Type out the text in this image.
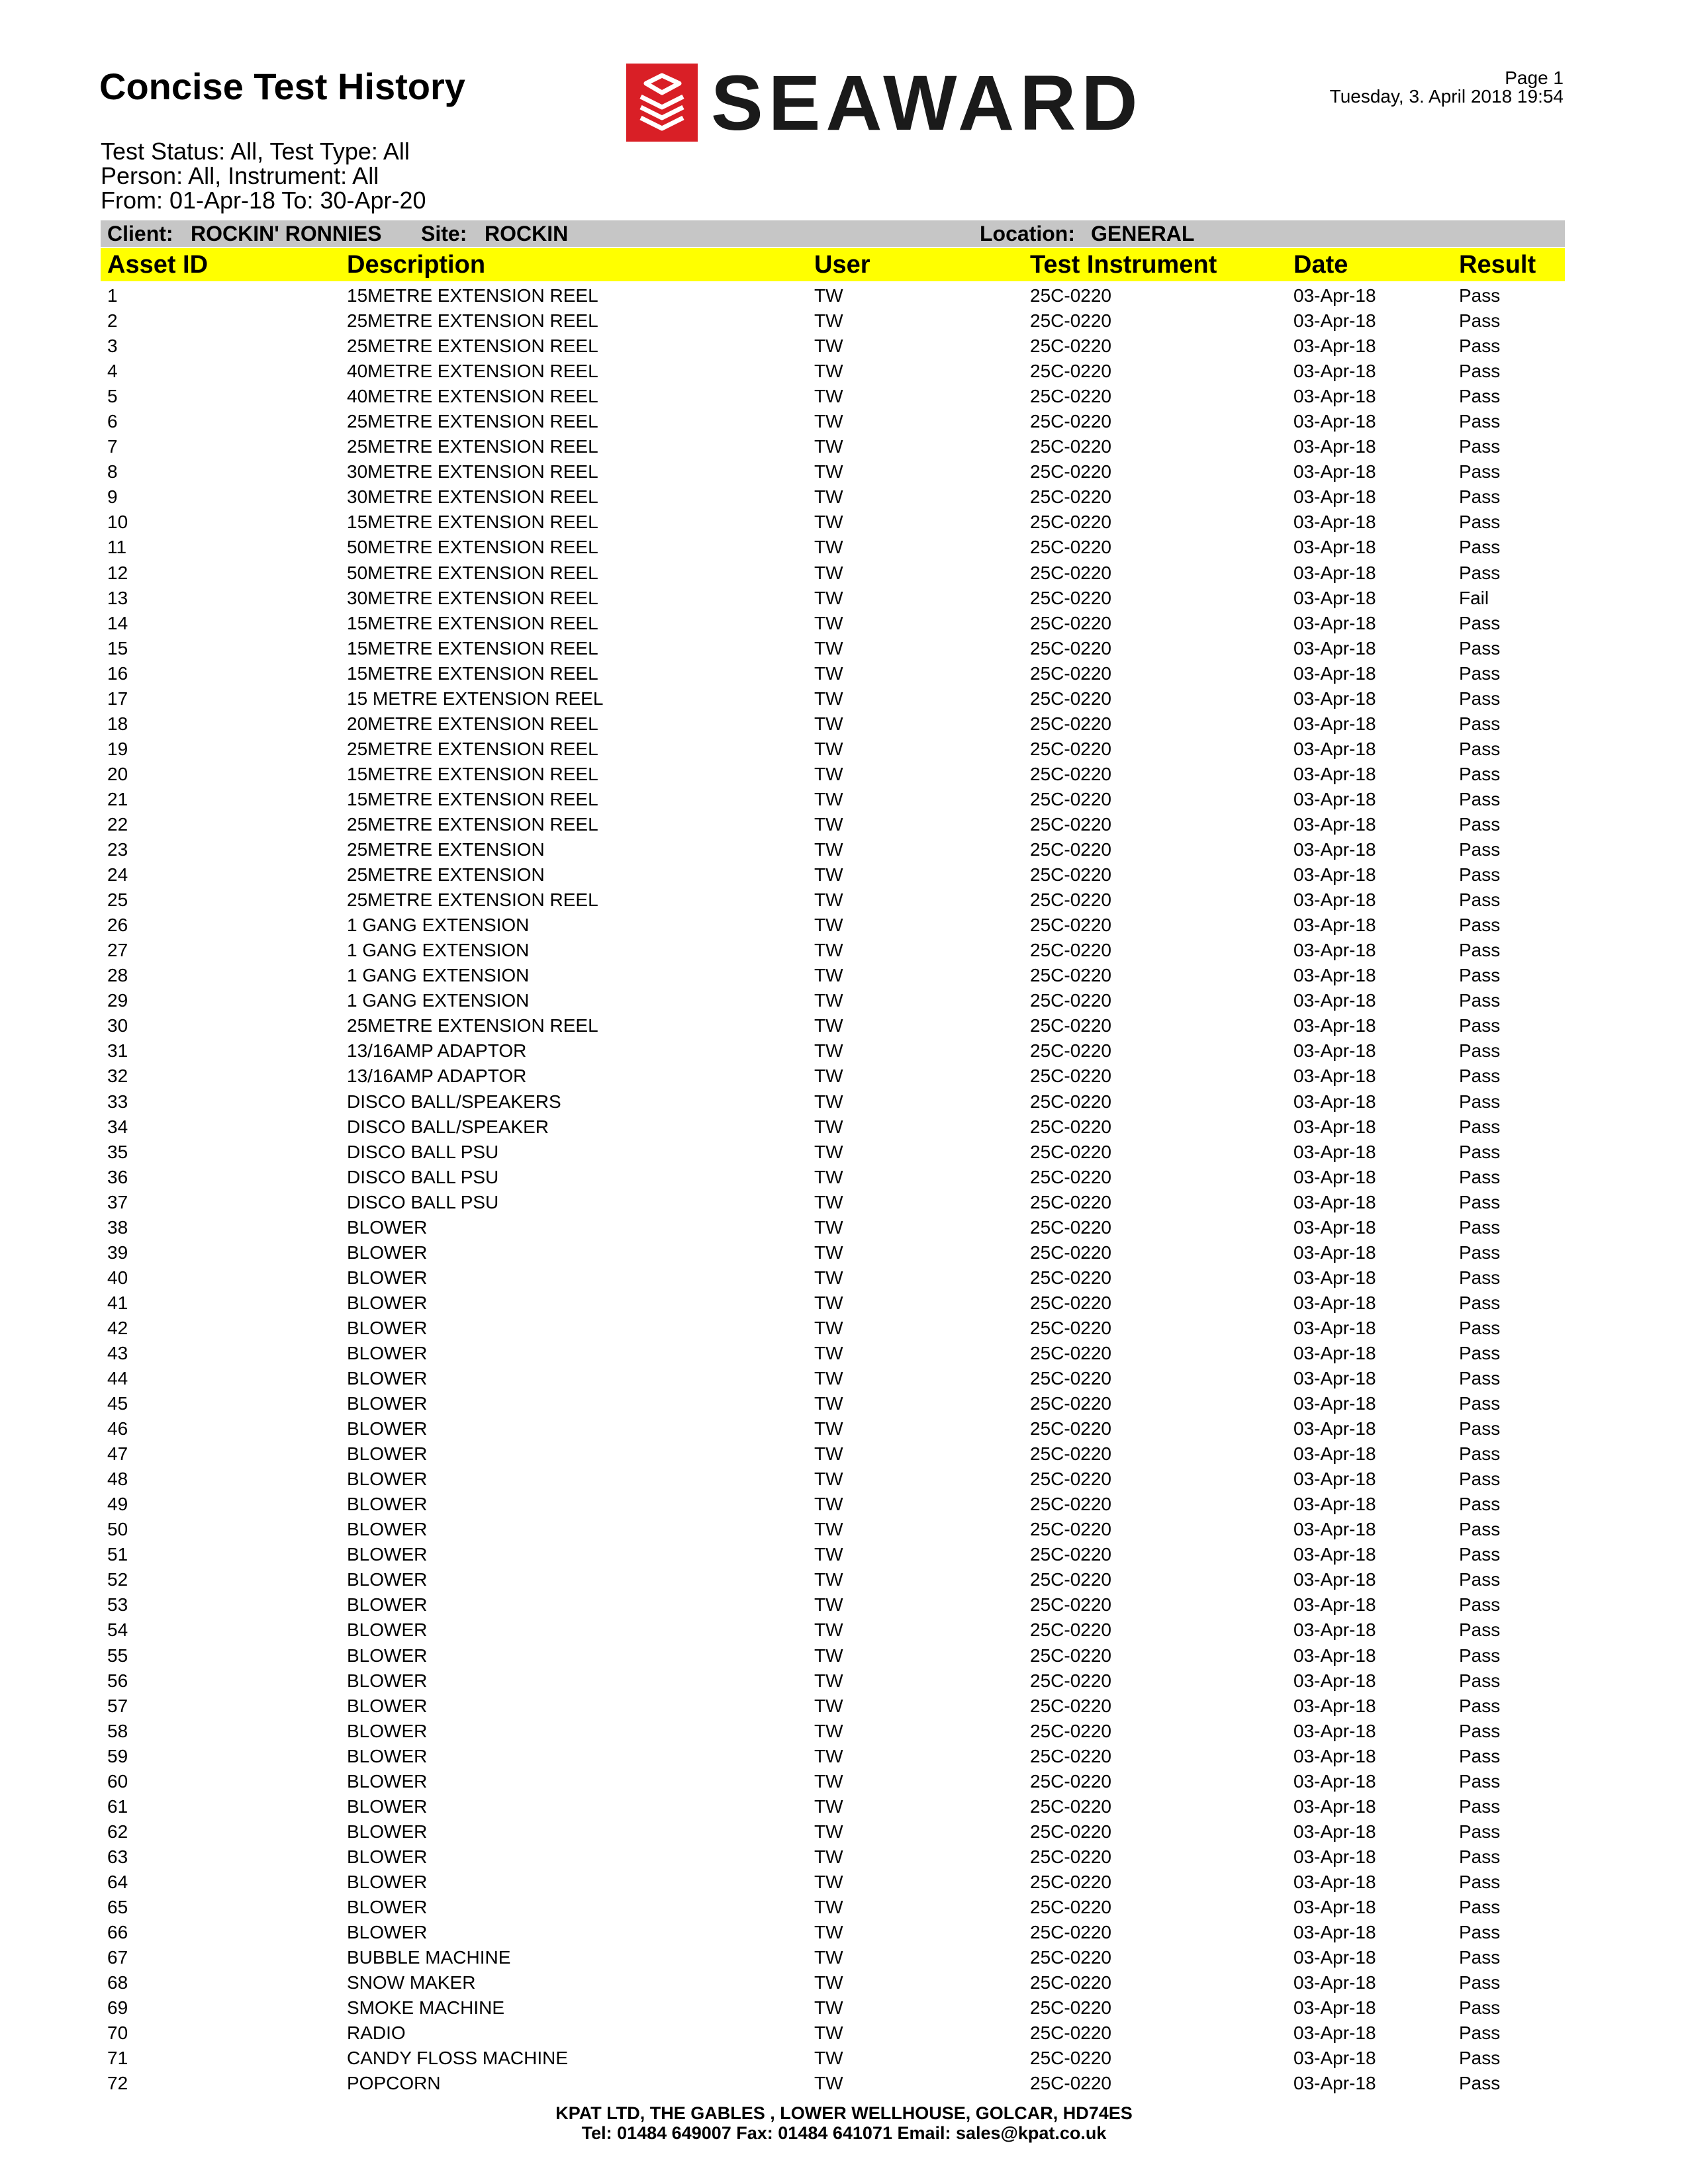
Concise Test History	SEAWARD	Page 1
Tuesday, 3. April 2018 19:54
Test Status: All, Test Type: All
Person: All, Instrument: All
From: 01-Apr-18 To: 30-Apr-20
Client: ROCKIN' RONNIES Site: ROCKIN	Location: GENERAL
Asset ID	Description	User	Test Instrument	Date	Result
1	15METRE EXTENSION REEL	TW	25C-0220	03-Apr-18	Pass
2	25METRE EXTENSION REEL	TW	25C-0220	03-Apr-18	Pass
3	25METRE EXTENSION REEL	TW	25C-0220	03-Apr-18	Pass
4	40METRE EXTENSION REEL	TW	25C-0220	03-Apr-18	Pass
5	40METRE EXTENSION REEL	TW	25C-0220	03-Apr-18	Pass
6	25METRE EXTENSION REEL	TW	25C-0220	03-Apr-18	Pass
7	25METRE EXTENSION REEL	TW	25C-0220	03-Apr-18	Pass
8	30METRE EXTENSION REEL	TW	25C-0220	03-Apr-18	Pass
9	30METRE EXTENSION REEL	TW	25C-0220	03-Apr-18	Pass
10	15METRE EXTENSION REEL	TW	25C-0220	03-Apr-18	Pass
11	50METRE EXTENSION REEL	TW	25C-0220	03-Apr-18	Pass
12	50METRE EXTENSION REEL	TW	25C-0220	03-Apr-18	Pass
13	30METRE EXTENSION REEL	TW	25C-0220	03-Apr-18	Fail
14	15METRE EXTENSION REEL	TW	25C-0220	03-Apr-18	Pass
15	15METRE EXTENSION REEL	TW	25C-0220	03-Apr-18	Pass
16	15METRE EXTENSION REEL	TW	25C-0220	03-Apr-18	Pass
17	15 METRE EXTENSION REEL	TW	25C-0220	03-Apr-18	Pass
18	20METRE EXTENSION REEL	TW	25C-0220	03-Apr-18	Pass
19	25METRE EXTENSION REEL	TW	25C-0220	03-Apr-18	Pass
20	15METRE EXTENSION REEL	TW	25C-0220	03-Apr-18	Pass
21	15METRE EXTENSION REEL	TW	25C-0220	03-Apr-18	Pass
22	25METRE EXTENSION REEL	TW	25C-0220	03-Apr-18	Pass
23	25METRE EXTENSION	TW	25C-0220	03-Apr-18	Pass
24	25METRE EXTENSION	TW	25C-0220	03-Apr-18	Pass
25	25METRE EXTENSION REEL	TW	25C-0220	03-Apr-18	Pass
26	1 GANG EXTENSION	TW	25C-0220	03-Apr-18	Pass
27	1 GANG EXTENSION	TW	25C-0220	03-Apr-18	Pass
28	1 GANG EXTENSION	TW	25C-0220	03-Apr-18	Pass
29	1 GANG EXTENSION	TW	25C-0220	03-Apr-18	Pass
30	25METRE EXTENSION REEL	TW	25C-0220	03-Apr-18	Pass
31	13/16AMP ADAPTOR	TW	25C-0220	03-Apr-18	Pass
32	13/16AMP ADAPTOR	TW	25C-0220	03-Apr-18	Pass
33	DISCO BALL/SPEAKERS	TW	25C-0220	03-Apr-18	Pass
34	DISCO BALL/SPEAKER	TW	25C-0220	03-Apr-18	Pass
35	DISCO BALL PSU	TW	25C-0220	03-Apr-18	Pass
36	DISCO BALL PSU	TW	25C-0220	03-Apr-18	Pass
37	DISCO BALL PSU	TW	25C-0220	03-Apr-18	Pass
38	BLOWER	TW	25C-0220	03-Apr-18	Pass
39	BLOWER	TW	25C-0220	03-Apr-18	Pass
40	BLOWER	TW	25C-0220	03-Apr-18	Pass
41	BLOWER	TW	25C-0220	03-Apr-18	Pass
42	BLOWER	TW	25C-0220	03-Apr-18	Pass
43	BLOWER	TW	25C-0220	03-Apr-18	Pass
44	BLOWER	TW	25C-0220	03-Apr-18	Pass
45	BLOWER	TW	25C-0220	03-Apr-18	Pass
46	BLOWER	TW	25C-0220	03-Apr-18	Pass
47	BLOWER	TW	25C-0220	03-Apr-18	Pass
48	BLOWER	TW	25C-0220	03-Apr-18	Pass
49	BLOWER	TW	25C-0220	03-Apr-18	Pass
50	BLOWER	TW	25C-0220	03-Apr-18	Pass
51	BLOWER	TW	25C-0220	03-Apr-18	Pass
52	BLOWER	TW	25C-0220	03-Apr-18	Pass
53	BLOWER	TW	25C-0220	03-Apr-18	Pass
54	BLOWER	TW	25C-0220	03-Apr-18	Pass
55	BLOWER	TW	25C-0220	03-Apr-18	Pass
56	BLOWER	TW	25C-0220	03-Apr-18	Pass
57	BLOWER	TW	25C-0220	03-Apr-18	Pass
58	BLOWER	TW	25C-0220	03-Apr-18	Pass
59	BLOWER	TW	25C-0220	03-Apr-18	Pass
60	BLOWER	TW	25C-0220	03-Apr-18	Pass
61	BLOWER	TW	25C-0220	03-Apr-18	Pass
62	BLOWER	TW	25C-0220	03-Apr-18	Pass
63	BLOWER	TW	25C-0220	03-Apr-18	Pass
64	BLOWER	TW	25C-0220	03-Apr-18	Pass
65	BLOWER	TW	25C-0220	03-Apr-18	Pass
66	BLOWER	TW	25C-0220	03-Apr-18	Pass
67	BUBBLE MACHINE	TW	25C-0220	03-Apr-18	Pass
68	SNOW MAKER	TW	25C-0220	03-Apr-18	Pass
69	SMOKE MACHINE	TW	25C-0220	03-Apr-18	Pass
70	RADIO	TW	25C-0220	03-Apr-18	Pass
71	CANDY FLOSS MACHINE	TW	25C-0220	03-Apr-18	Pass
72	POPCORN	TW	25C-0220	03-Apr-18	Pass
KPAT LTD, THE GABLES , LOWER WELLHOUSE, GOLCAR, HD74ES
Tel: 01484 649007 Fax: 01484 641071 Email: sales@kpat.co.uk
